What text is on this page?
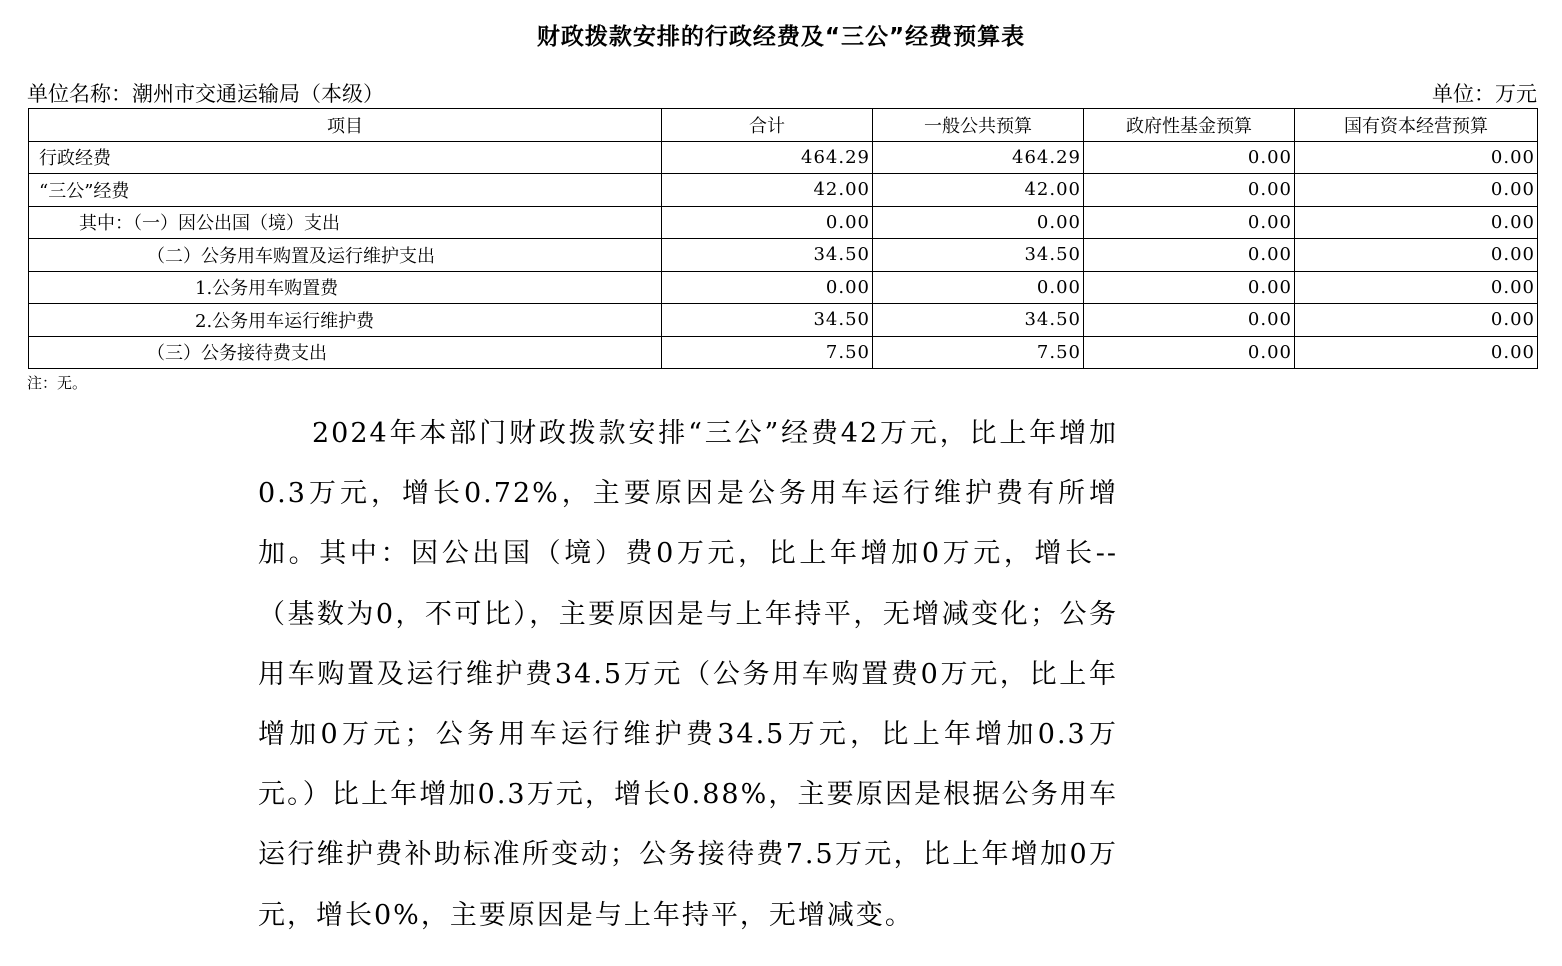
财政拨款安排的行政经费及“三公”经费预算表
单位名称：潮州市交通运输局（本级）	单位：万元
项目	合计	一般公共预算	政府性基金预算	国有资本经营预算
行政经费	464.29	464.29	0.00	0.00
“三公”经费	42.00	42.00	0.00	0.00
其中：（一）因公出国（境）支出	0.00	0.00	0.00	0.00
（二）公务用车购置及运行维护支出	34.50	34.50	0.00	0.00
1.公务用车购置费	0.00	0.00	0.00	0.00
2.公务用车运行维护费	34.50	34.50	0.00	0.00
（三）公务接待费支出	7.50	7.50	0.00	0.00
注：无。
2024年本部门财政拨款安排“三公”经费42万元，比上年增加0.3万元，增长0.72%，主要原因是公务用车运行维护费有所增加。其中：因公出国（境）费0万元，比上年增加0万元，增长--（基数为0，不可比），主要原因是与上年持平，无增减变化；公务用车购置及运行维护费34.5万元（公务用车购置费0万元，比上年增加0万元；公务用车运行维护费34.5万元，比上年增加0.3万元。）比上年增加0.3万元，增长0.88%，主要原因是根据公务用车运行维护费补助标准所变动；公务接待费7.5万元，比上年增加0万元，增长0%，主要原因是与上年持平，无增减变。
